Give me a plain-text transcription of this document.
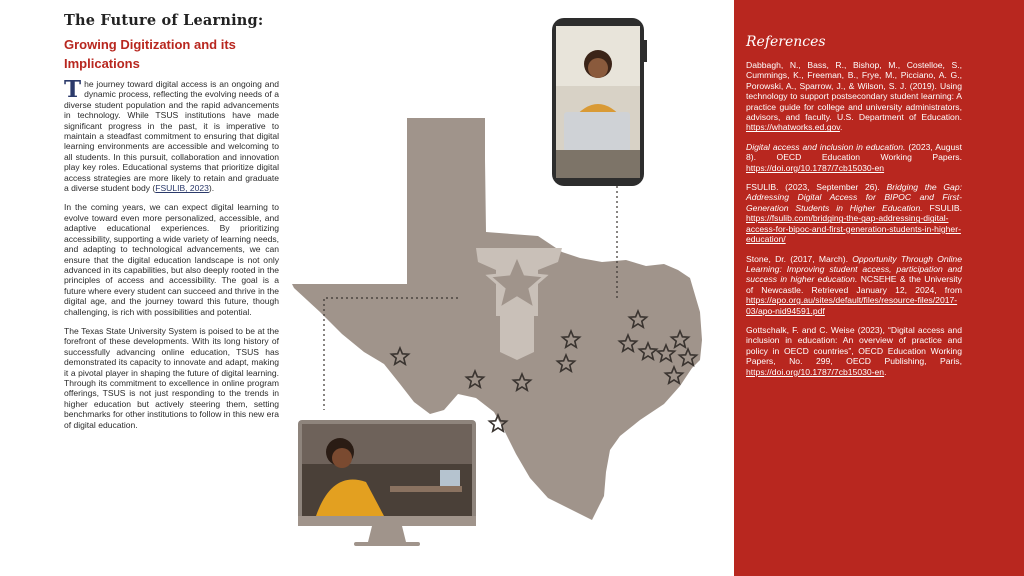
The Future of Learning:
Growing Digitization and its Implications

The journey toward digital access is an ongoing and dynamic process, reflecting the evolving needs of a diverse student population and the rapid advancements in technology. While TSUS institutions have made significant progress in the past, it is imperative to maintain a steadfast commitment to ensuring that digital learning environments are accessible and welcoming to all students. In this pursuit, collaboration and innovation play key roles. Educational systems that prioritize digital access strategies are more likely to retain and graduate a diverse student body (FSULIB, 2023).

In the coming years, we can expect digital learning to evolve toward even more personalized, accessible, and adaptive educational experiences. By prioritizing accessibility, supporting a wide variety of learning needs, and adapting to technological advancements, we can ensure that the digital education landscape is not only advanced in its capabilities, but also deeply rooted in the principles of access and accessibility. The goal is a future where every student can succeed and thrive in the digital age, and the journey toward this future, though challenging, is rich with possibilities and potential.

The Texas State University System is poised to be at the forefront of these developments. With its long history of successfully advancing online education, TSUS has demonstrated its capacity to innovate and adapt, making it a pivotal player in shaping the future of digital learning. Through its commitment to excellence in online program offerings, TSUS is not just responding to the trends in higher education but actively steering them, setting benchmarks for other institutions to follow in this new era of digital education.

References

Dabbagh, N., Bass, R., Bishop, M., Costelloe, S., Cummings, K., Freeman, B., Frye, M., Picciano, A. G., Porowski, A., Sparrow, J., & Wilson, S. J. (2019). Using technology to support postsecondary student learning: A practice guide for college and university administrators, advisors, and faculty. U.S. Department of Education. https://whatworks.ed.gov.

Digital access and inclusion in education. (2023, August 8). OECD Education Working Papers. https://doi.org/10.1787/7cb15030-en

FSULIB. (2023, September 26). Bridging the Gap: Addressing Digital Access for BIPOC and First-Generation Students in Higher Education. FSULIB. https://fsulib.com/bridging-the-gap-addressing-digital-access-for-bipoc-and-first-generation-students-in-higher-education/

Stone, Dr. (2017, March). Opportunity Through Online Learning: Improving student access, participation and success in higher education. NCSEHE & the University of Newcastle. Retrieved January 12, 2024, from https://apo.org.au/sites/default/files/resource-files/2017-03/apo-nid94591.pdf

Gottschalk, F. and C. Weise (2023), “Digital access and inclusion in education: An overview of practice and policy in OECD countries”, OECD Education Working Papers, No. 299, OECD Publishing, Paris, https://doi.org/10.1787/7cb15030-en.
